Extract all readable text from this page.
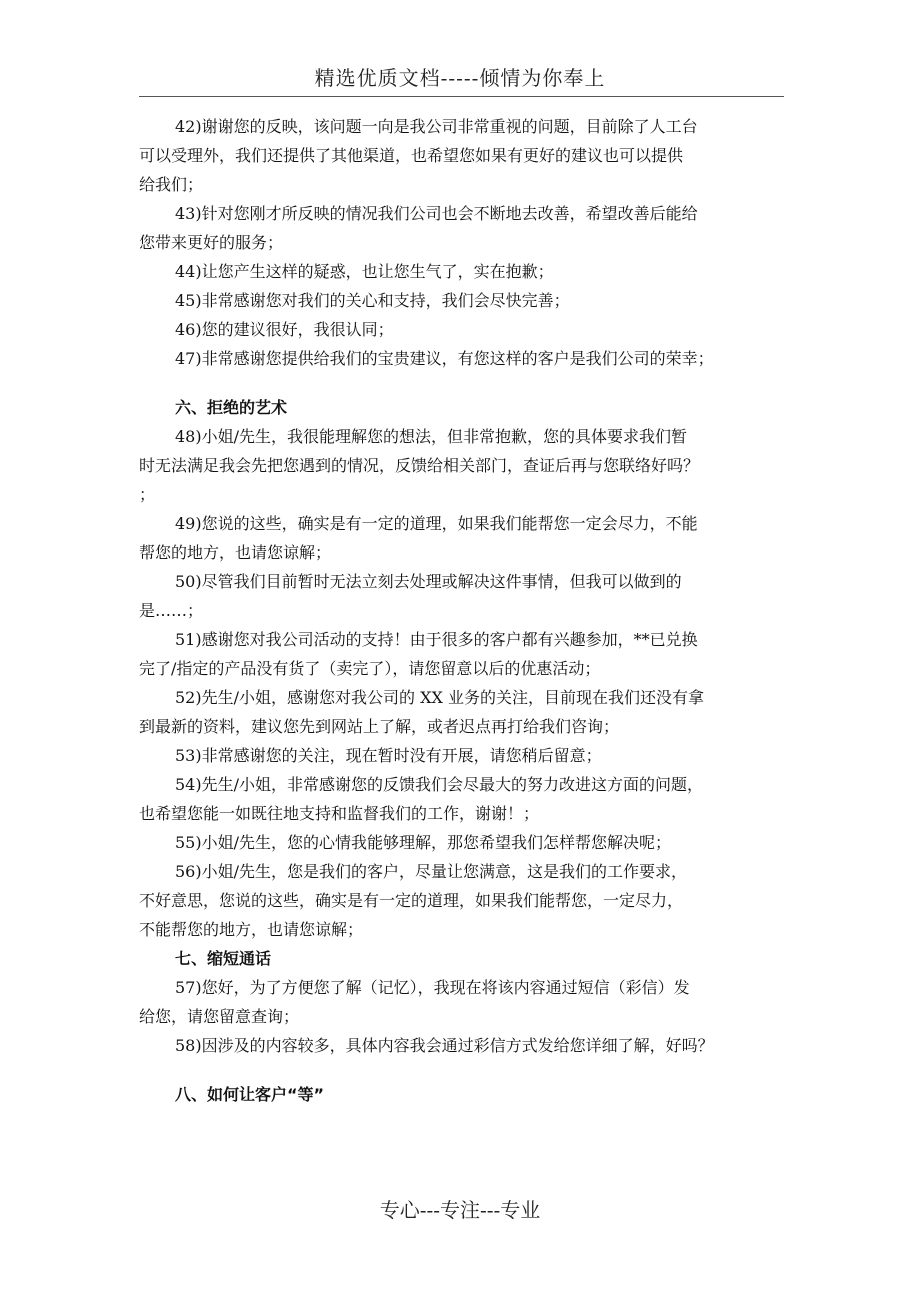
精选优质文档-----倾情为你奉上

42)谢谢您的反映，该问题一向是我公司非常重视的问题，目前除了人工台
可以受理外，我们还提供了其他渠道，也希望您如果有更好的建议也可以提供
给我们；

43)针对您刚才所反映的情况我们公司也会不断地去改善，希望改善后能给
您带来更好的服务；

44)让您产生这样的疑惑，也让您生气了，实在抱歉；

45)非常感谢您对我们的关心和支持，我们会尽快完善；

46)您的建议很好，我很认同；

47)非常感谢您提供给我们的宝贵建议，有您这样的客户是我们公司的荣幸；

六、拒绝的艺术

48)小姐/先生，我很能理解您的想法，但非常抱歉，您的具体要求我们暂
时无法满足我会先把您遇到的情况，反馈给相关部门，查证后再与您联络好吗？
；

49)您说的这些，确实是有一定的道理，如果我们能帮您一定会尽力，不能
帮您的地方，也请您谅解；

50)尽管我们目前暂时无法立刻去处理或解决这件事情，但我可以做到的
是……；

51)感谢您对我公司活动的支持！由于很多的客户都有兴趣参加，**已兑换
完了/指定的产品没有货了（卖完了），请您留意以后的优惠活动；

52)先生/小姐，感谢您对我公司的 XX 业务的关注，目前现在我们还没有拿
到最新的资料，建议您先到网站上了解，或者迟点再打给我们咨询；

53)非常感谢您的关注，现在暂时没有开展，请您稍后留意；

54)先生/小姐，非常感谢您的反馈我们会尽最大的努力改进这方面的问题，
也希望您能一如既往地支持和监督我们的工作，谢谢！；

55)小姐/先生，您的心情我能够理解，那您希望我们怎样帮您解决呢；

56)小姐/先生，您是我们的客户，尽量让您满意，这是我们的工作要求，
不好意思，您说的这些，确实是有一定的道理，如果我们能帮您，一定尽力，
不能帮您的地方，也请您谅解；

七、缩短通话

57)您好，为了方便您了解（记忆），我现在将该内容通过短信（彩信）发
给您，请您留意查询；

58)因涉及的内容较多，具体内容我会通过彩信方式发给您详细了解，好吗？

八、如何让客户“等”

专心---专注---专业
